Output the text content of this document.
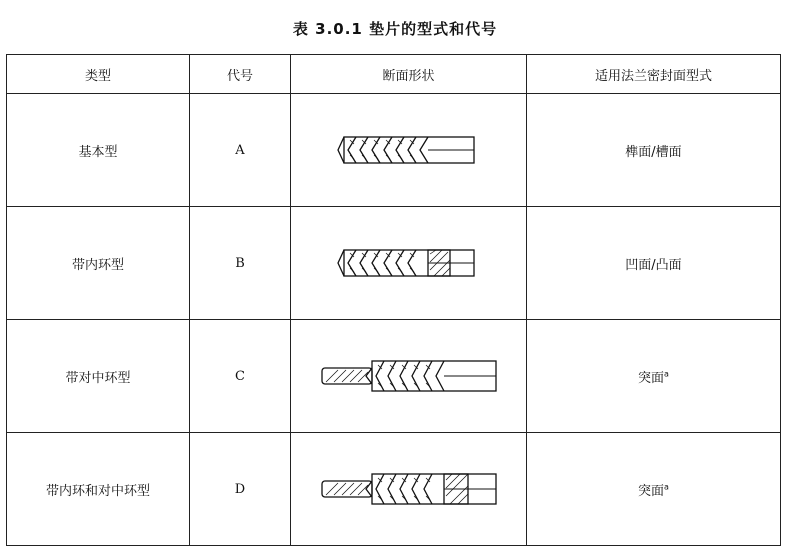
表 3.0.1 垫片的型式和代号
类型	代号	断面形状	适用法兰密封面型式
基本型	A		榫面/槽面
带内环型	B		凹面/凸面
带对中环型	C		突面$^a$
带内环和对中环型	D		突面$^a$
